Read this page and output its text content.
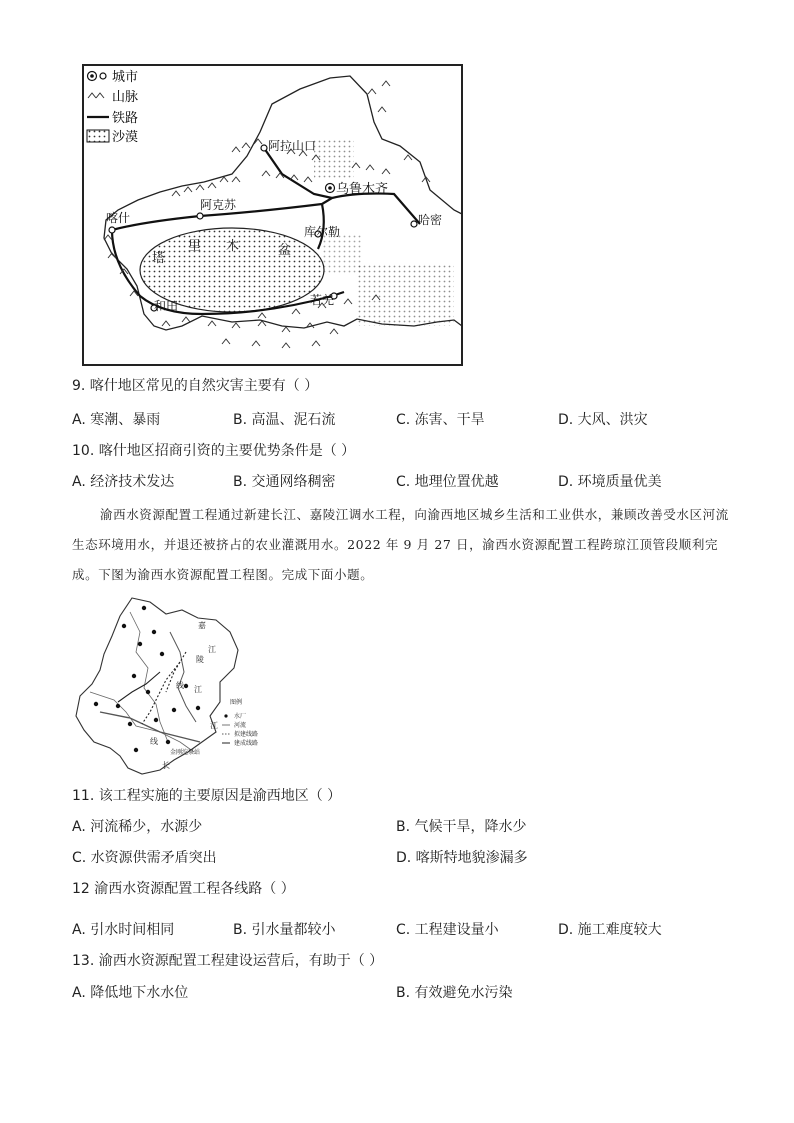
城市
山脉
铁路
沙漠
阿拉山口
乌鲁木齐
阿克苏
喀什	哈密
库尔勒
和田	若羌
塔
里 木	盆
9. 喀什地区常见的自然灾害主要有（ ）
A. 寒潮、暴雨	B. 高温、泥石流	C. 冻害、干旱	D. 大风、洪灾
10. 喀什地区招商引资的主要优势条件是（ ）
A. 经济技术发达	B. 交通网络稠密	C. 地理位置优越	D. 环境质量优美
渝西水资源配置工程通过新建长江、嘉陵江调水工程，向渝西地区城乡生活和工业供水，兼顾改善受水区河流生态环境用水，并退还被挤占的农业灌溉用水。2022 年 9 月 27 日，渝西水资源配置工程跨琼江顶管段顺利完成。下图为渝西水资源配置工程图。完成下面小题。
嘉
江
陵
线 江
江
线
长
金刚沱泵站
图例
水厂
河流
拟建线路
建成线路
11. 该工程实施的主要原因是渝西地区（ ）
A. 河流稀少，水源少	B. 气候干旱，降水少
C. 水资源供需矛盾突出	D. 喀斯特地貌渗漏多
12 渝西水资源配置工程各线路（ ）
A. 引水时间相同	B. 引水量都较小	C. 工程建设量小	D. 施工难度较大
13. 渝西水资源配置工程建设运营后，有助于（ ）
A. 降低地下水水位	B. 有效避免水污染
